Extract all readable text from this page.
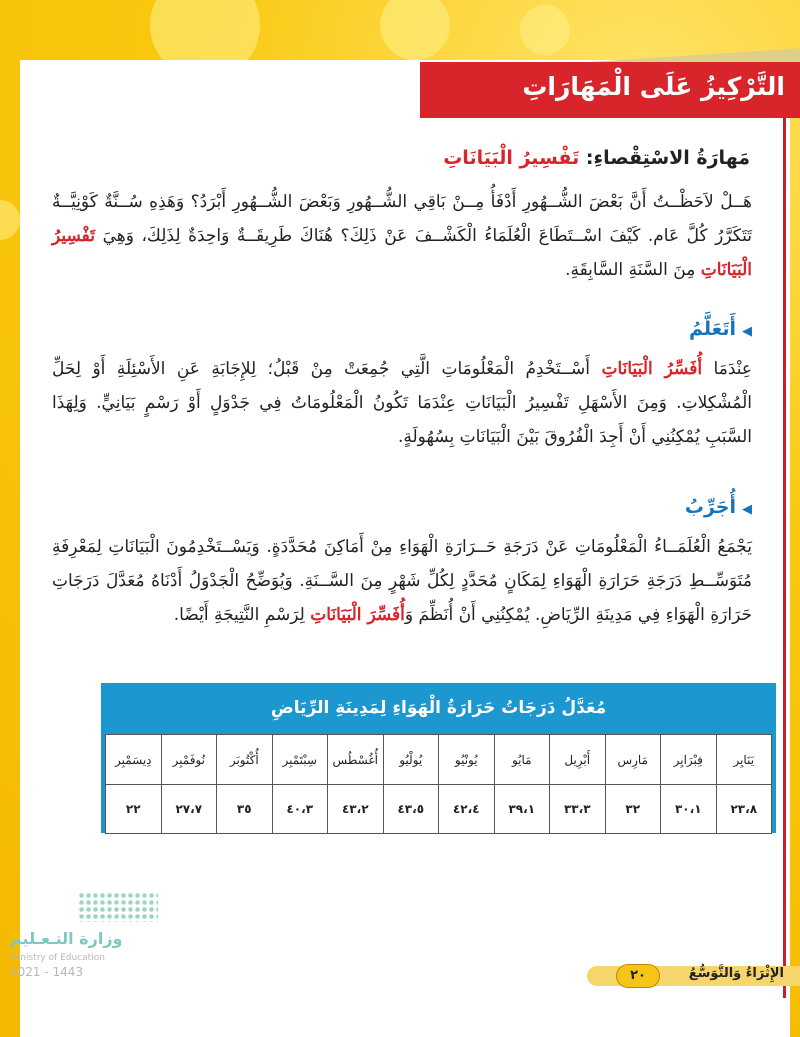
التَّرْكِيزُ عَلَى الْمَهَارَاتِ
مَهارَةُ الاسْتِقْصاءِ: تَفْسِيرُ الْبَيَانَاتِ
هَــلْ لاَحَظْــتُ أَنَّ بَعْضَ الشُّــهُورِ أَدْفَأُ مِــنْ بَاقِي الشُّــهُورِ وَبَعْضَ الشُّــهُورِ أَبْرَدُ؟ وَهَذِهِ سُــنَّةٌ كَوْنِيَّــةٌ تَتَكَرَّرُ كُلَّ عَام. كَيْفَ اسْــتَطَاعَ الْعُلَمَاءُ الْكَشْــفَ عَنْ ذَلِكَ؟ هُنَاكَ طَرِيقَــةٌ وَاحِدَةٌ لِذَلِكَ، وَهِيَ تَفْسِيرُ الْبَيَانَاتِ مِنَ السَّنَةِ السَّابِقَةِ.
◀أَتَعَلَّمُ
عِنْدَمَا أُفَسِّرُ الْبَيَانَاتِ أَسْــتَخْدِمُ الْمَعْلُومَاتِ الَّتِي جُمِعَتْ مِنْ قَبْلُ؛ لِلإِجَابَةِ عَنِ الأَسْئِلَةِ أَوْ لِحَلِّ الْمُشْكِلاتِ. وَمِنَ الأَسْهَلِ تَفْسِيرُ الْبَيَانَاتِ عِنْدَمَا تَكُونُ الْمَعْلُومَاتُ فِي جَدْوَلٍ أَوْ رَسْمٍ بَيَانِيٍّ. وَلِهَذَا السَّبَبِ يُمْكِنُنِي أَنْ أَجِدَ الْفُرُوقَ بَيْنَ الْبَيَانَاتِ بِسُهُولَةٍ.
◀أُجَرِّبُ
يَجْمَعُ الْعُلَمَــاءُ الْمَعْلُومَاتِ عَنْ دَرَجَةِ حَــرَارَةِ الْهَوَاءِ مِنْ أَمَاكِنَ مُحَدَّدَةٍ. وَيَسْــتَخْدِمُونَ الْبَيَانَاتِ لِمَعْرِفَةِ مُتَوَسِّــطِ دَرَجَةِ حَرَارَةِ الْهَوَاءِ لِمَكَانٍ مُحَدَّدٍ لِكُلِّ شَهْرٍ مِنَ السَّــنَةِ. وَيُوَضِّحُ الْجَدْوَلُ أَدْنَاهُ مُعَدَّلَ دَرَجَاتِ حَرَارَةِ الْهَوَاءِ فِي مَدِينَةِ الرِّيَاضِ. يُمْكِنُنِي أَنْ أُنَظِّمَ وَأُفَسِّرَ الْبَيَانَاتِ لِرَسْمِ النَّتِيجَةِ أَيْضًا.
مُعَدَّلُ دَرَجَاتُ حَرَارَةُ الْهَوَاءِ لِمَدِينَةِ الرِّيَاضِ
يَنَايِر	فِبْرَايِر	مَارِس	أَبْرِيل	مَايُو	يُونْيُو	يُولْيُو	أُغُسْطُس	سِبْتَمْبِر	أُكْتُوبَر	نُوفَمْبِر	دِيسَمْبِر
٢٣،٨	٣٠،١	٣٢	٣٣،٣	٣٩،١	٤٢،٤	٤٣،٥	٤٣،٢	٤٠،٣	٣٥	٢٧،٧	٢٢
وزارة التـعـليم
Ministry of Education
2021 - 1443	الإِثْرَاءُ وَالتَّوَسُّعُ
٢٠
